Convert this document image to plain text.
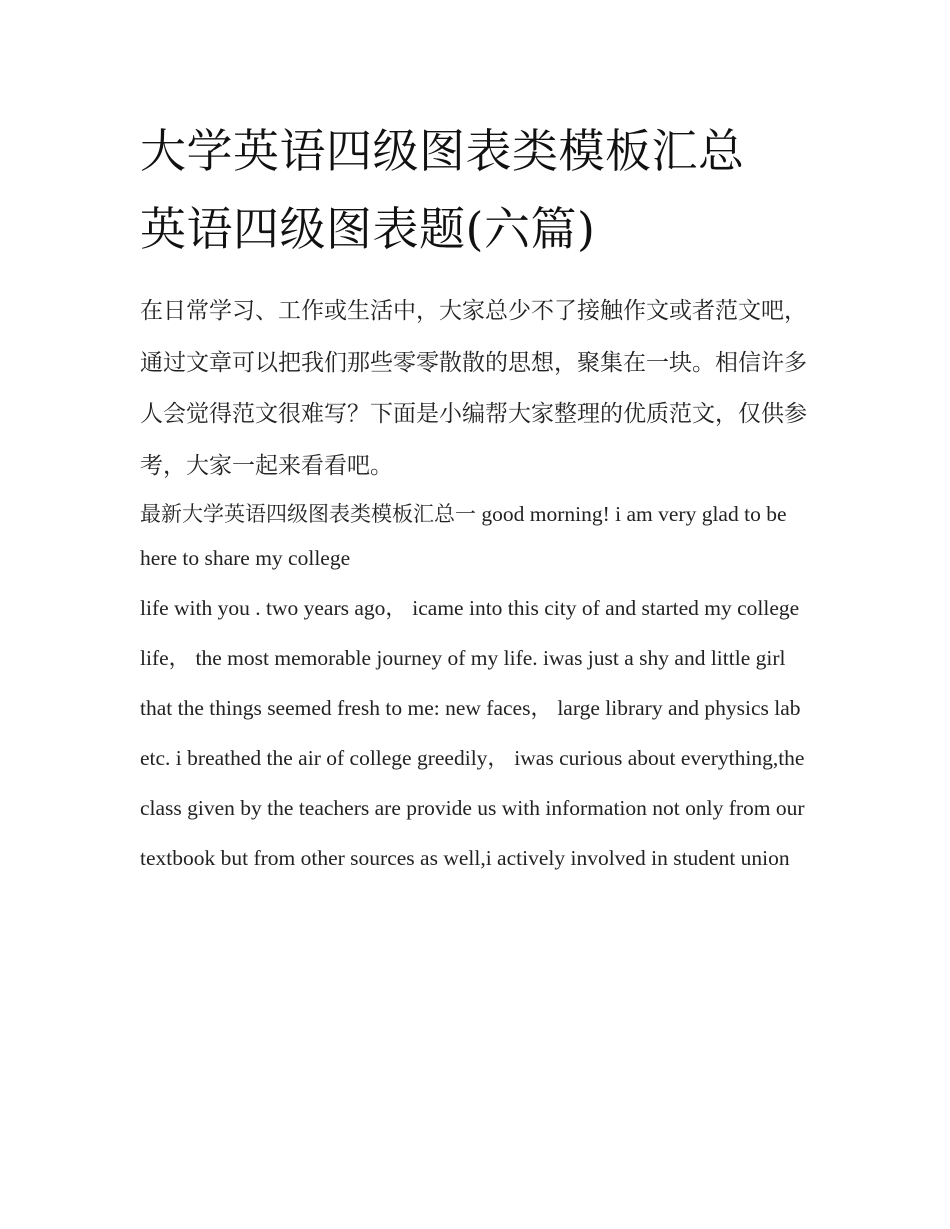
大学英语四级图表类模板汇总
英语四级图表题(六篇)
在日常学习、工作或生活中，大家总少不了接触作文或者范文吧，通过文章可以把我们那些零零散散的思想，聚集在一块。相信许多人会觉得范文很难写？下面是小编帮大家整理的优质范文，仅供参考，大家一起来看看吧。
最新大学英语四级图表类模板汇总一 good morning! i am very glad to be here to share my college
life with you . two years ago， icame into this city of and started my college
life， the most memorable journey of my life. iwas just a shy and little girl
that the things seemed fresh to me: new faces， large library and physics lab
etc. i breathed the air of college greedily， iwas curious about everything,the
class given by the teachers are provide us with information not only from our
textbook but from other sources as well,i actively involved in student union
